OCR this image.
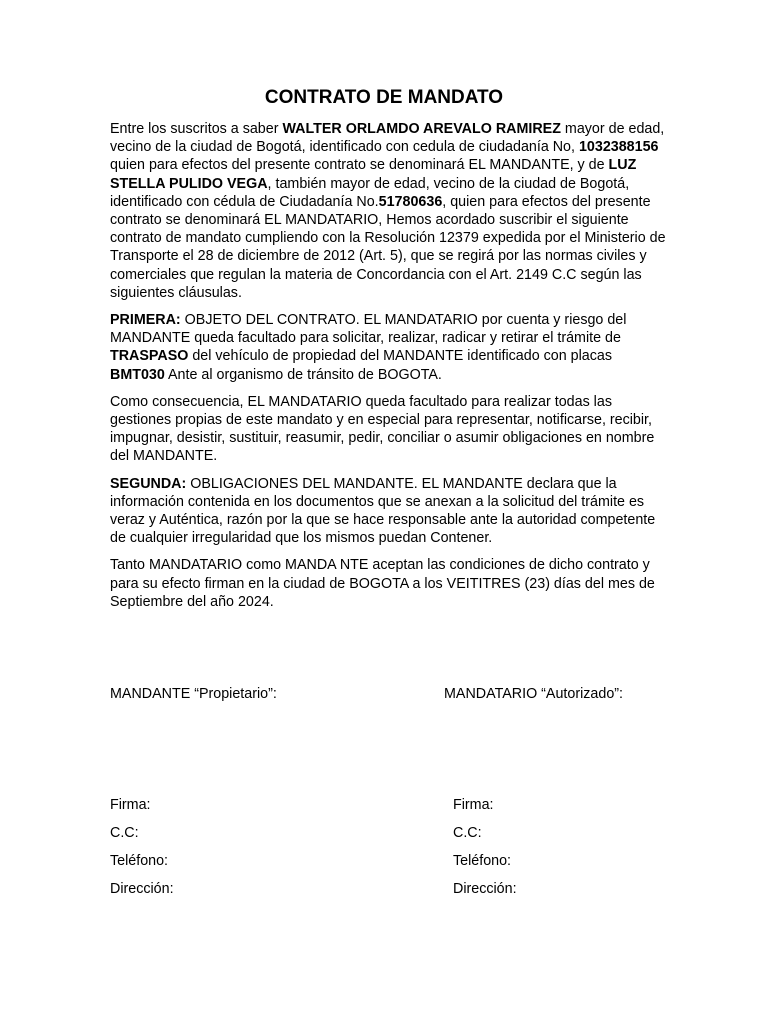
CONTRATO DE MANDATO

Entre los suscritos a saber WALTER ORLAMDO AREVALO RAMIREZ mayor de edad, vecino de la ciudad de Bogotá, identificado con cedula de ciudadanía No, 1032388156 quien para efectos del presente contrato se denominará EL MANDANTE, y de LUZ STELLA PULIDO VEGA, también mayor de edad, vecino de la ciudad de Bogotá, identificado con cédula de Ciudadanía No.51780636, quien para efectos del presente contrato se denominará EL MANDATARIO, Hemos acordado suscribir el siguiente contrato de mandato cumpliendo con la Resolución 12379 expedida por el Ministerio de Transporte el 28 de diciembre de 2012 (Art. 5), que se regirá por las normas civiles y comerciales que regulan la materia de Concordancia con el Art. 2149 C.C según las siguientes cláusulas.

PRIMERA: OBJETO DEL CONTRATO. EL MANDATARIO por cuenta y riesgo del MANDANTE queda facultado para solicitar, realizar, radicar y retirar el trámite de TRASPASO del vehículo de propiedad del MANDANTE identificado con placas BMT030 Ante al organismo de tránsito de BOGOTA.

Como consecuencia, EL MANDATARIO queda facultado para realizar todas las gestiones propias de este mandato y en especial para representar, notificarse, recibir, impugnar, desistir, sustituir, reasumir, pedir, conciliar o asumir obligaciones en nombre del MANDANTE.

SEGUNDA: OBLIGACIONES DEL MANDANTE. EL MANDANTE declara que la información contenida en los documentos que se anexan a la solicitud del trámite es veraz y Auténtica, razón por la que se hace responsable ante la autoridad competente de cualquier irregularidad que los mismos puedan Contener.

Tanto MANDATARIO como MANDA NTE aceptan las condiciones de dicho contrato y para su efecto firman en la ciudad de BOGOTA a los VEITITRES (23) días del mes de Septiembre del año 2024.

MANDANTE “Propietario”:	MANDATARIO “Autorizado”:
Firma:
C.C:
Teléfono:
Dirección:
Firma:
C.C:
Teléfono:
Dirección:
